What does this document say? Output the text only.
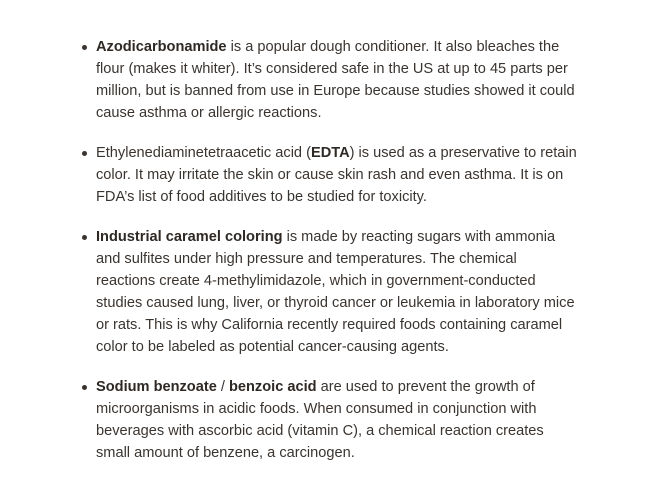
Azodicarbonamide is a popular dough conditioner. It also bleaches the flour (makes it whiter). It’s considered safe in the US at up to 45 parts per million, but is banned from use in Europe because studies showed it could cause asthma or allergic reactions.
Ethylenediaminetetraacetic acid (EDTA) is used as a preservative to retain color. It may irritate the skin or cause skin rash and even asthma. It is on FDA’s list of food additives to be studied for toxicity.
Industrial caramel coloring is made by reacting sugars with ammonia and sulfites under high pressure and temperatures. The chemical reactions create 4-methylimidazole, which in government-conducted studies caused lung, liver, or thyroid cancer or leukemia in laboratory mice or rats. This is why California recently required foods containing caramel color to be labeled as potential cancer-causing agents.
Sodium benzoate / benzoic acid are used to prevent the growth of microorganisms in acidic foods. When consumed in conjunction with beverages with ascorbic acid (vitamin C), a chemical reaction creates small amount of benzene, a carcinogen.
